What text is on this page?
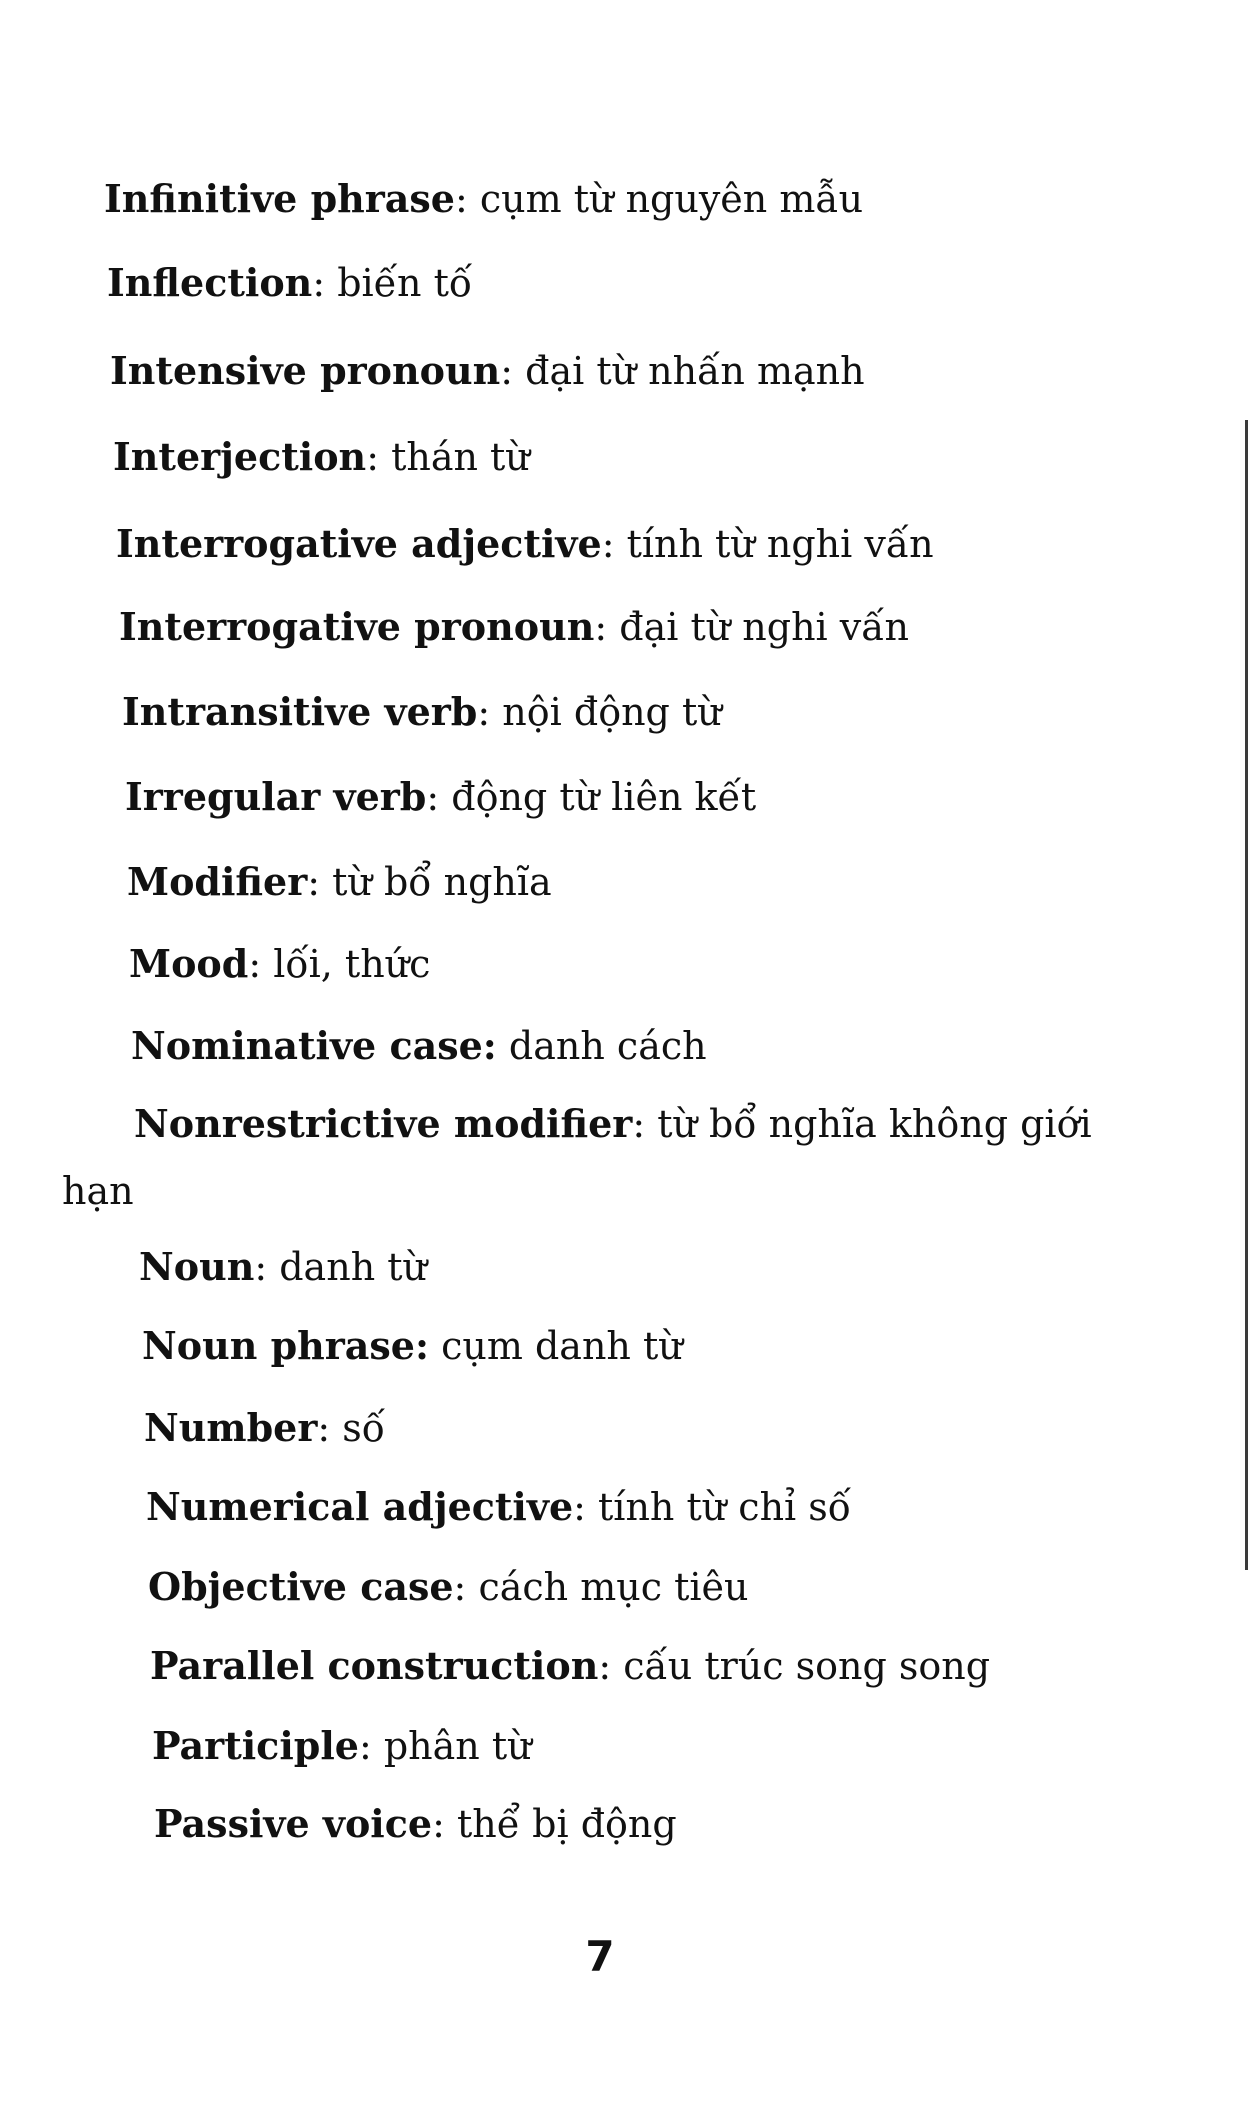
Infinitive phrase: cụm từ nguyên mẫu
Inflection: biến tố
Intensive pronoun: đại từ nhấn mạnh
Interjection: thán từ
Interrogative adjective: tính từ nghi vấn
Interrogative pronoun: đại từ nghi vấn
Intransitive verb: nội động từ
Irregular verb: động từ liên kết
Modifier: từ bổ nghĩa
Mood: lối, thức
Nominative case: danh cách
Nonrestrictive modifier: từ bổ nghĩa không giới
hạn
Noun: danh từ
Noun phrase: cụm danh từ
Number: số
Numerical adjective: tính từ chỉ số
Objective case: cách mục tiêu
Parallel construction: cấu trúc song song
Participle: phân từ
Passive voice: thể bị động
7
